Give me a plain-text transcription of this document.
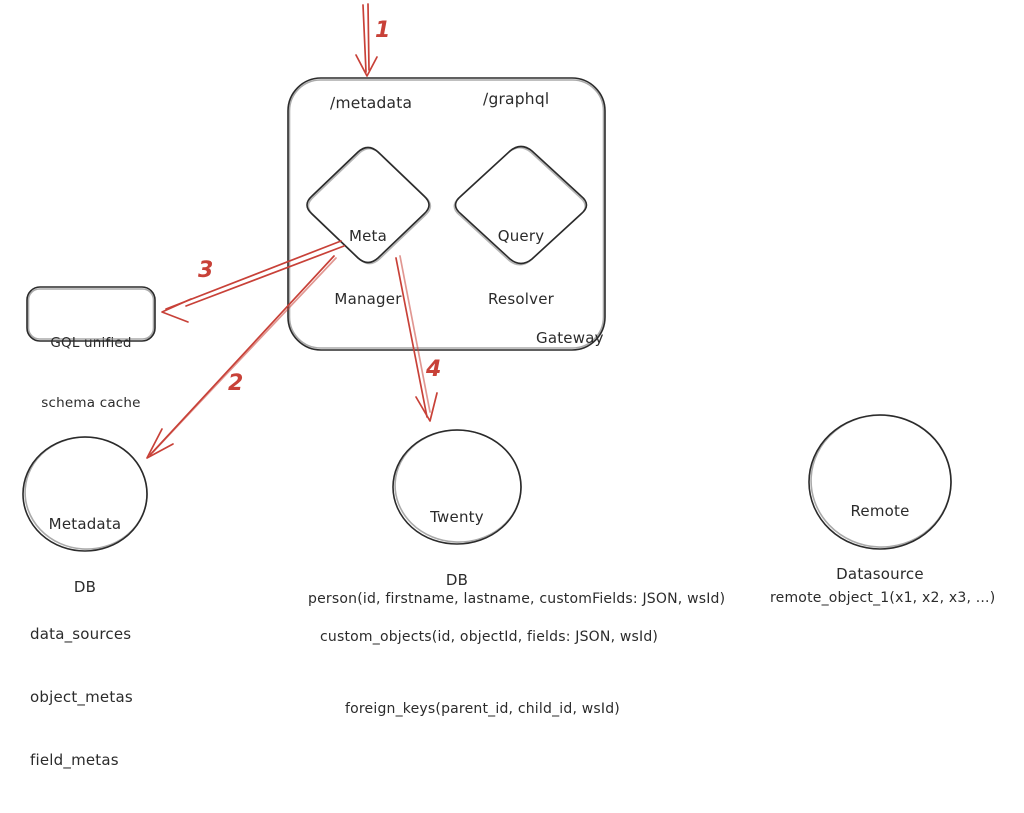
/metadata	/graphql
Gateway

Meta

Manager

Query

Resolver

GQL unified

schema cache

Metadata

DB

Twenty

DB

Remote

Datasource

1
2
3
4

data_sources

object_metas

field_metas

person(id, firstname, lastname, customFields: JSON, wsId)
custom_objects(id, objectId, fields: JSON, wsId)
foreign_keys(parent_id, child_id, wsId)
remote_object_1(x1, x2, x3, ...)
